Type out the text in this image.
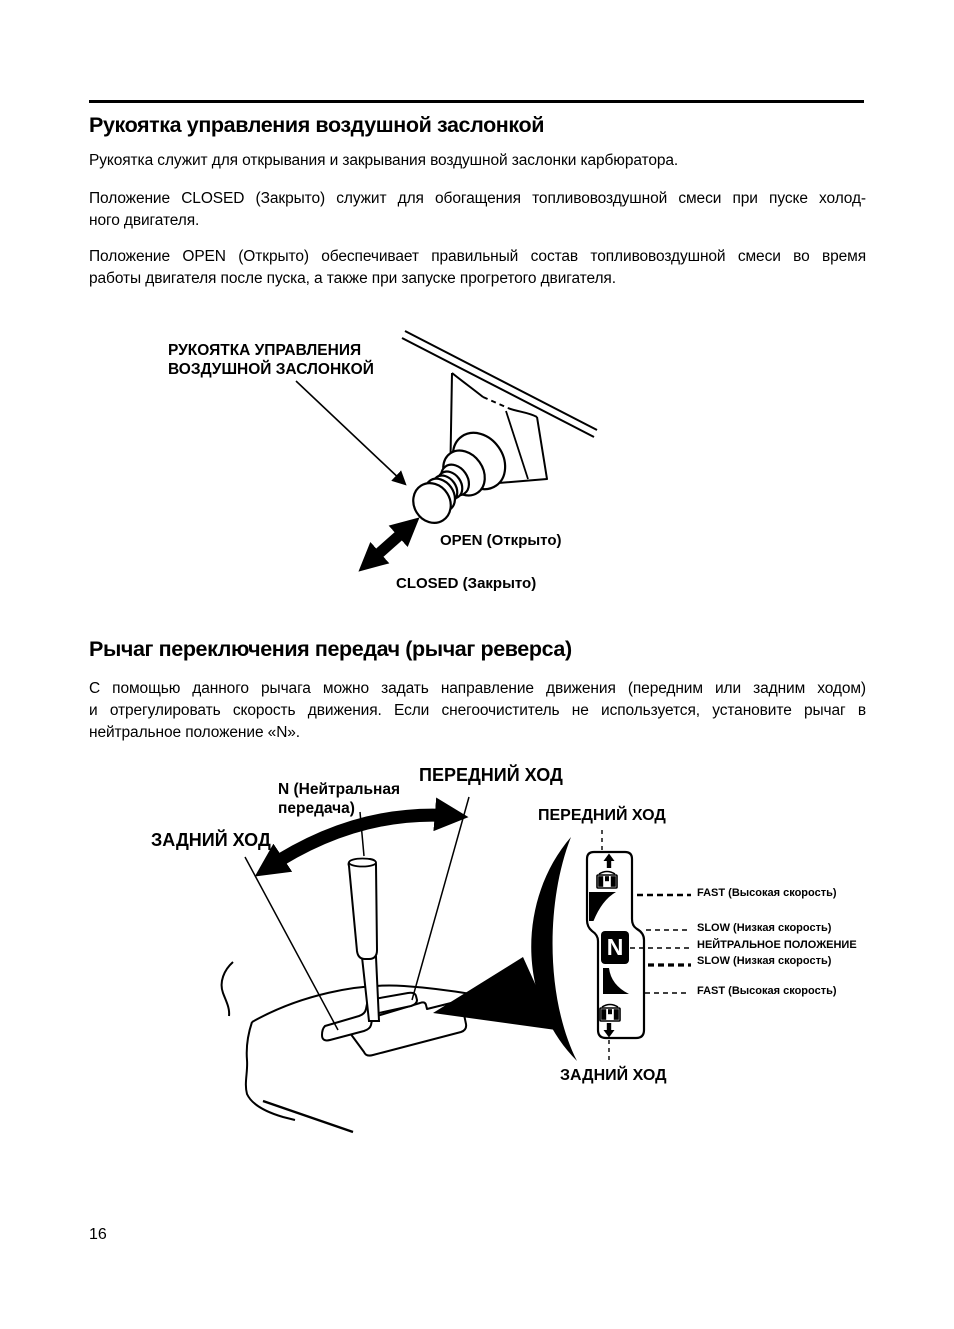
Рукоятка управления воздушной заслонкой
Рукоятка служит для открывания и закрывания воздушной заслонки карбюратора.
Положение CLOSED (Закрыто) служит для обогащения топливовоздушной смеси при пуске холод-
ного двигателя.
Положение OPEN (Открыто) обеспечивает правильный состав топливовоздушной смеси во время
работы двигателя после пуска, а также при запуске прогретого двигателя.
РУКОЯТКА УПРАВЛЕНИЯ
ВОЗДУШНОЙ ЗАСЛОНКОЙ
OPEN (Открыто)
CLOSED (Закрыто)
Рычаг переключения передач (рычаг реверса)
С помощью данного рычага можно задать направление движения (передним или задним ходом)
и отрегулировать скорость движения. Если снегоочиститель не используется, установите рычаг в
нейтральное положение «N».
ПЕРЕДНИЙ ХОД
N (Нейтральная
передача)
ЗАДНИЙ ХОД
ПЕРЕДНИЙ ХОД
ЗАДНИЙ ХОД
FAST (Высокая скорость)
SLOW (Низкая скорость)
НЕЙТРАЛЬНОЕ ПОЛОЖЕНИЕ
SLOW (Низкая скорость)
FAST (Высокая скорость)
N
16
